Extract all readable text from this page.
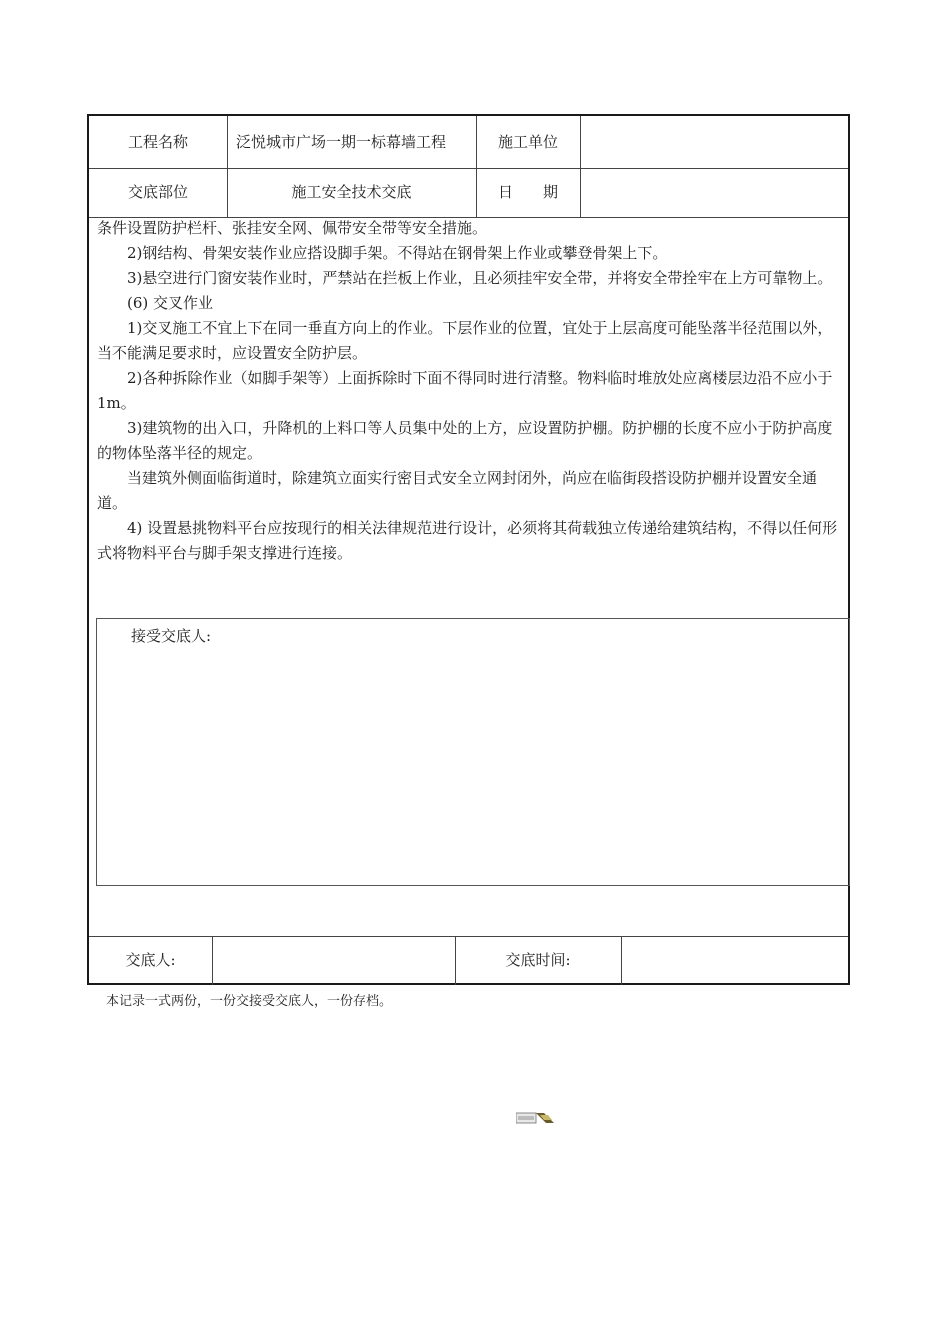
工程名称	泛悦城市广场一期一标幕墙工程	施工单位
交底部位	施工安全技术交底	日　　期

条件设置防护栏杆、张挂安全网、佩带安全带等安全措施。

2)钢结构、骨架安装作业应搭设脚手架。不得站在钢骨架上作业或攀登骨架上下。

3)悬空进行门窗安装作业时，严禁站在拦板上作业，且必须挂牢安全带，并将安全带拴牢在上方可靠物上。

(6) 交叉作业

1)交叉施工不宜上下在同一垂直方向上的作业。下层作业的位置，宜处于上层高度可能坠落半径范围以外，当不能满足要求时，应设置安全防护层。

2)各种拆除作业（如脚手架等）上面拆除时下面不得同时进行清整。物料临时堆放处应离楼层边沿不应小于1m。

3)建筑物的出入口，升降机的上料口等人员集中处的上方，应设置防护棚。防护棚的长度不应小于防护高度的物体坠落半径的规定。

当建筑外侧面临街道时，除建筑立面实行密目式安全立网封闭外，尚应在临街段搭设防护棚并设置安全通道。

4) 设置悬挑物料平台应按现行的相关法律规范进行设计，必须将其荷载独立传递给建筑结构，不得以任何形式将物料平台与脚手架支撑进行连接。

接受交底人:
交底人:	交底时间:
本记录一式两份，一份交接受交底人，一份存档。
